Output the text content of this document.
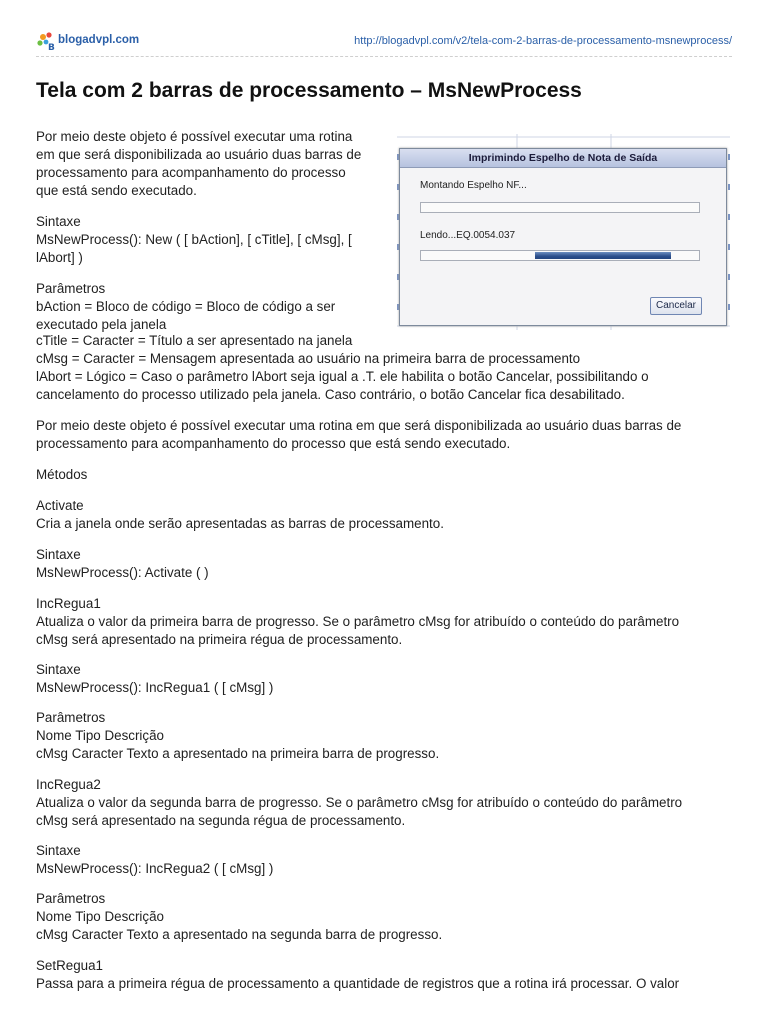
B
blogadvpl.com	http://blogadvpl.com/v2/tela-com-2-barras-de-processamento-msnewprocess/
Tela com 2 barras de processamento – MsNewProcess

Por meio deste objeto é possível executar uma rotina

em que será disponibilizada ao usuário duas barras de

processamento para acompanhamento do processo

que está sendo executado.

Sintaxe

MsNewProcess(): New ( [ bAction], [ cTitle], [ cMsg], [

lAbort] )

Parâmetros

bAction = Bloco de código = Bloco de código a ser

executado pela janela

cTitle = Caracter = Título a ser apresentado na janela

cMsg = Caracter = Mensagem apresentada ao usuário na primeira barra de processamento

lAbort = Lógico = Caso o parâmetro lAbort seja igual a .T. ele habilita o botão Cancelar, possibilitando o

cancelamento do processo utilizado pela janela. Caso contrário, o botão Cancelar fica desabilitado.

Imprimindo Espelho de Nota de Saída
Montando Espelho NF...
Lendo...EQ.0054.037
Cancelar

Por meio deste objeto é possível executar uma rotina em que será disponibilizada ao usuário duas barras de

processamento para acompanhamento do processo que está sendo executado.

Métodos

Activate

Cria a janela onde serão apresentadas as barras de processamento.

Sintaxe

MsNewProcess(): Activate ( )

IncRegua1

Atualiza o valor da primeira barra de progresso. Se o parâmetro cMsg for atribuído o conteúdo do parâmetro

cMsg será apresentado na primeira régua de processamento.

Sintaxe

MsNewProcess(): IncRegua1 ( [ cMsg] )

Parâmetros

Nome Tipo Descrição

cMsg Caracter Texto a apresentado na primeira barra de progresso.

IncRegua2

Atualiza o valor da segunda barra de progresso. Se o parâmetro cMsg for atribuído o conteúdo do parâmetro

cMsg será apresentado na segunda régua de processamento.

Sintaxe

MsNewProcess(): IncRegua2 ( [ cMsg] )

Parâmetros

Nome Tipo Descrição

cMsg Caracter Texto a apresentado na segunda barra de progresso.

SetRegua1

Passa para a primeira régua de processamento a quantidade de registros que a rotina irá processar. O valor
